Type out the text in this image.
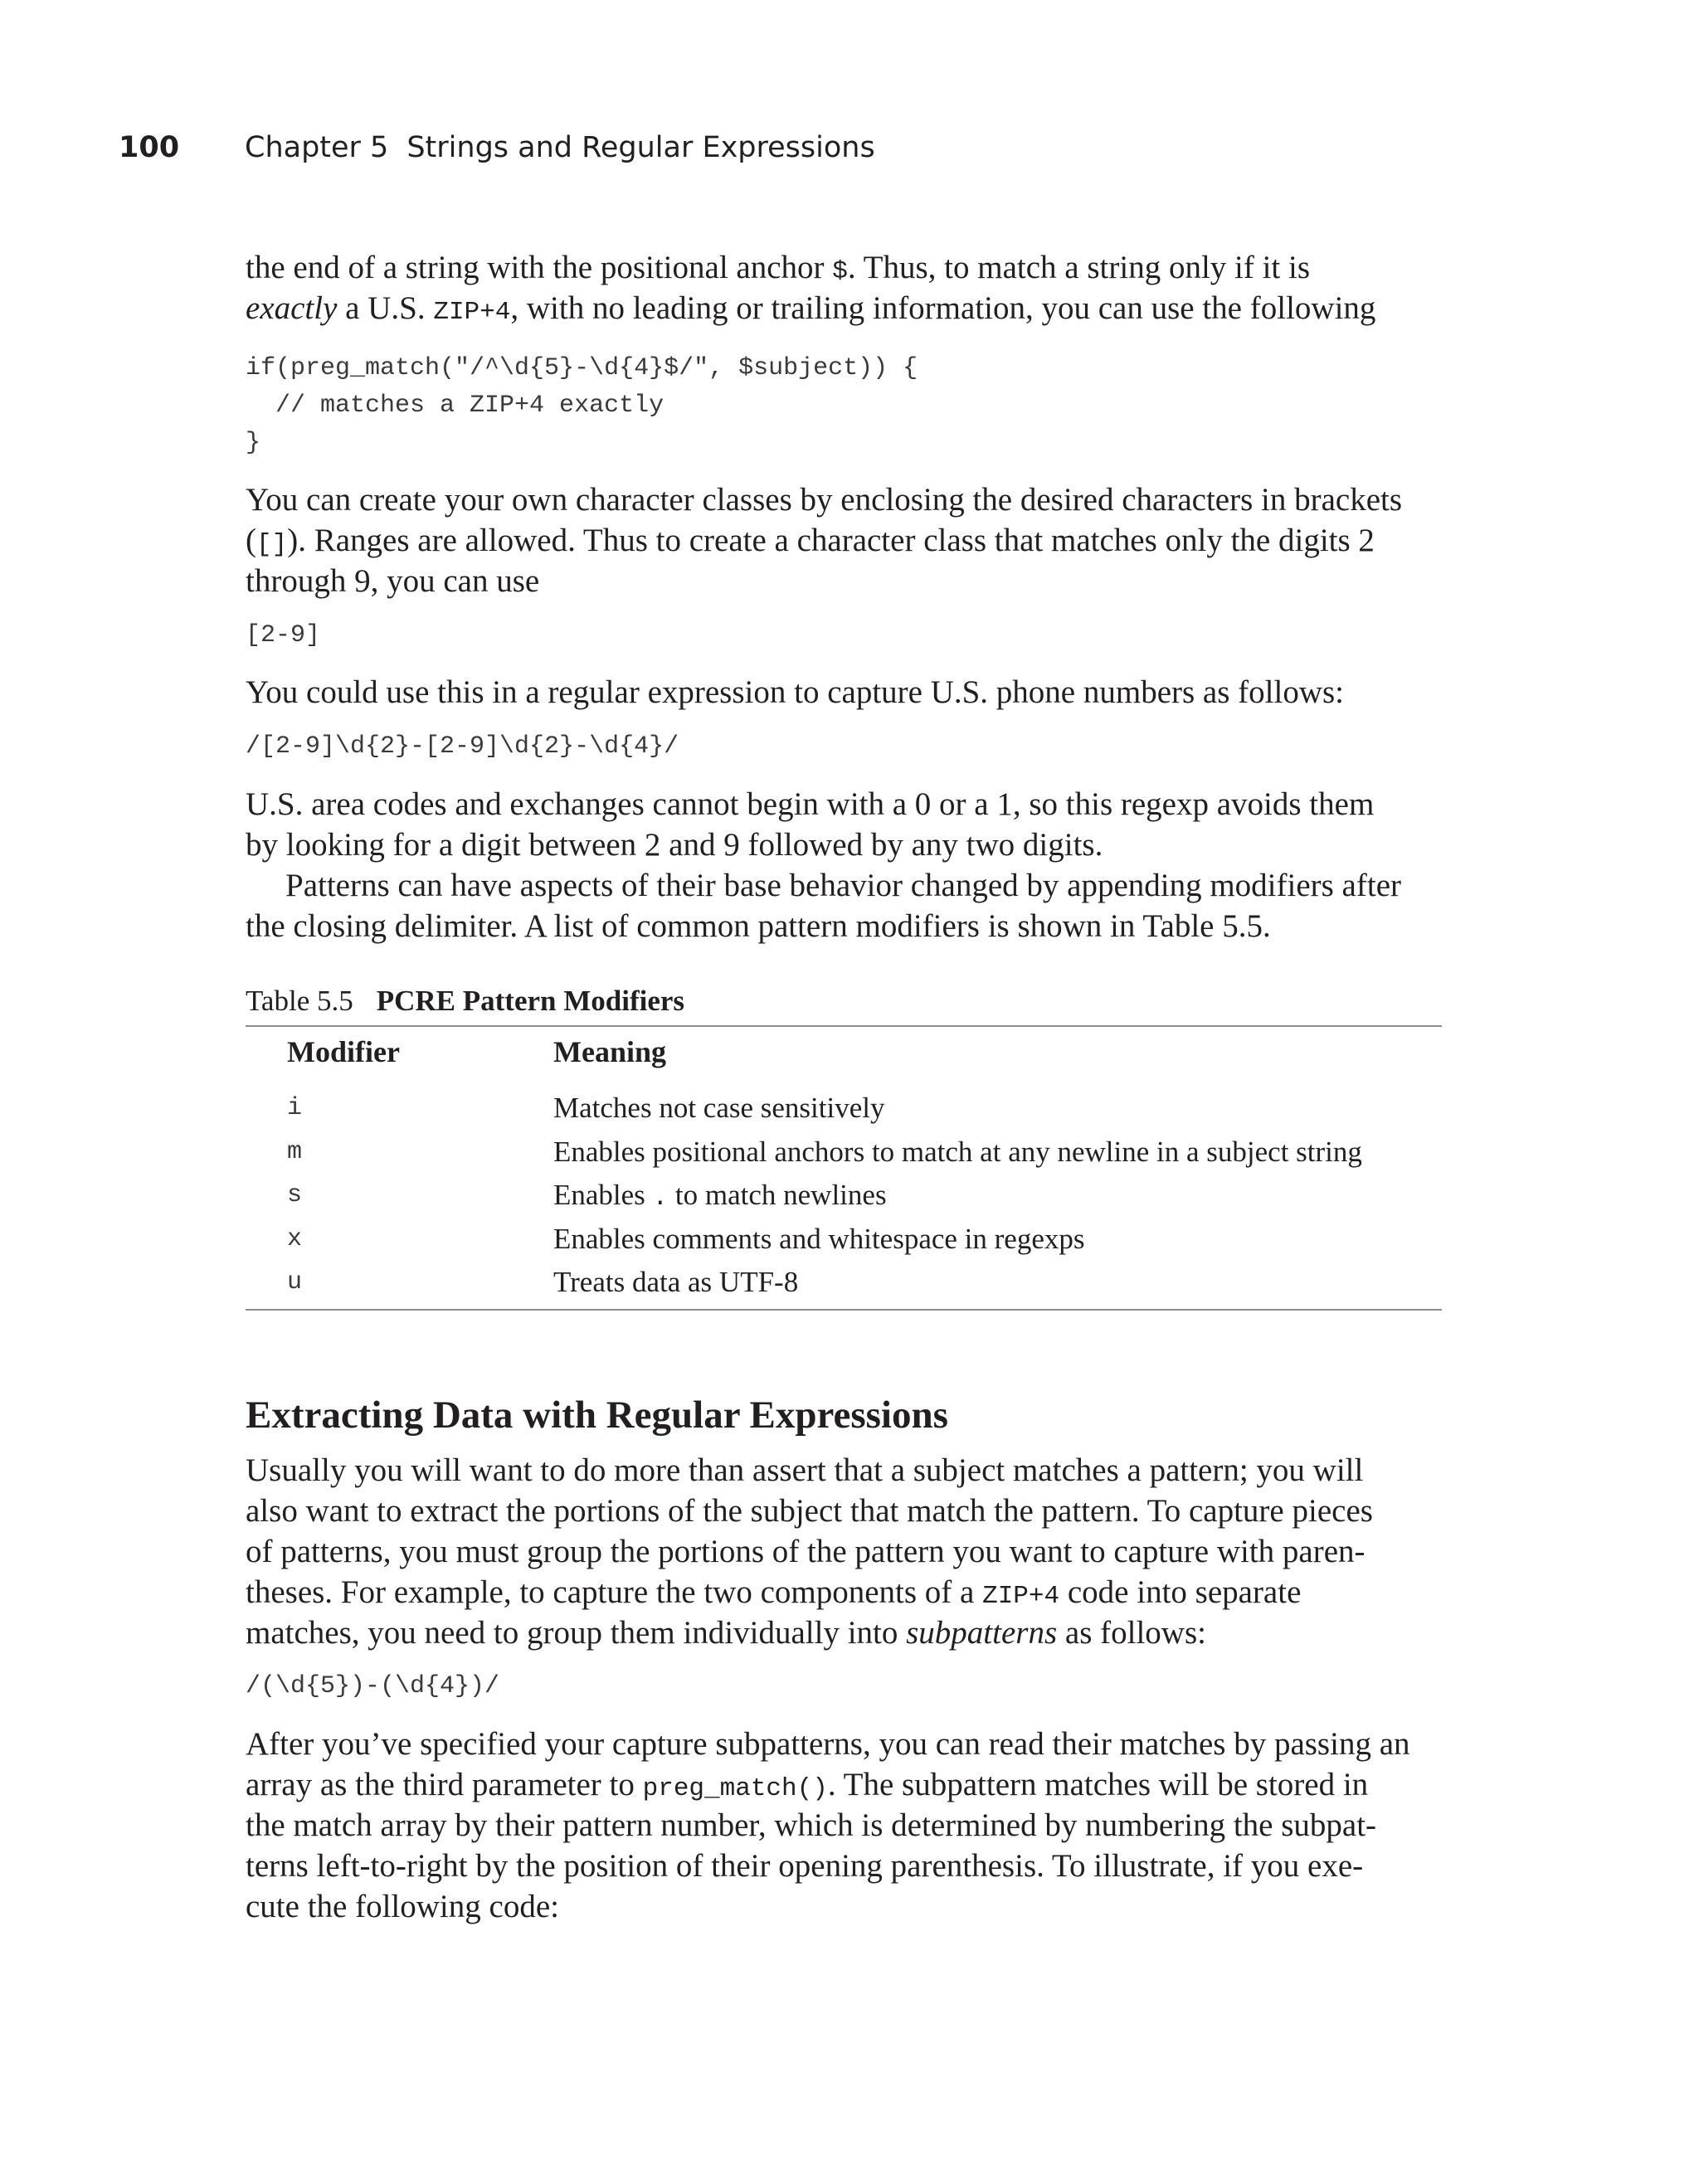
100 Chapter 5 Strings and Regular Expressions
the end of a string with the positional anchor $. Thus, to match a string only if it is
exactly a U.S. ZIP+4, with no leading or trailing information, you can use the following
if(preg_match("/^\d{5}-\d{4}$/", $subject)) {
// matches a ZIP+4 exactly
}
You can create your own character classes by enclosing the desired characters in brackets
([]). Ranges are allowed. Thus to create a character class that matches only the digits 2
through 9, you can use
[2-9]
You could use this in a regular expression to capture U.S. phone numbers as follows:
/[2-9]\d{2}-[2-9]\d{2}-\d{4}/
U.S. area codes and exchanges cannot begin with a 0 or a 1, so this regexp avoids them
by looking for a digit between 2 and 9 followed by any two digits.
Patterns can have aspects of their base behavior changed by appending modifiers after
the closing delimiter. A list of common pattern modifiers is shown in Table 5.5.
Table 5.5 PCRE Pattern Modifiers
Modifier	Meaning
i	Matches not case sensitively
m	Enables positional anchors to match at any newline in a subject string
s	Enables . to match newlines
x	Enables comments and whitespace in regexps
u	Treats data as UTF-8
Extracting Data with Regular Expressions
Usually you will want to do more than assert that a subject matches a pattern; you will
also want to extract the portions of the subject that match the pattern. To capture pieces
of patterns, you must group the portions of the pattern you want to capture with paren-
theses. For example, to capture the two components of a ZIP+4 code into separate
matches, you need to group them individually into subpatterns as follows:
/(\d{5})-(\d{4})/
After you’ve specified your capture subpatterns, you can read their matches by passing an
array as the third parameter to preg_match(). The subpattern matches will be stored in
the match array by their pattern number, which is determined by numbering the subpat-
terns left-to-right by the position of their opening parenthesis. To illustrate, if you exe-
cute the following code:
